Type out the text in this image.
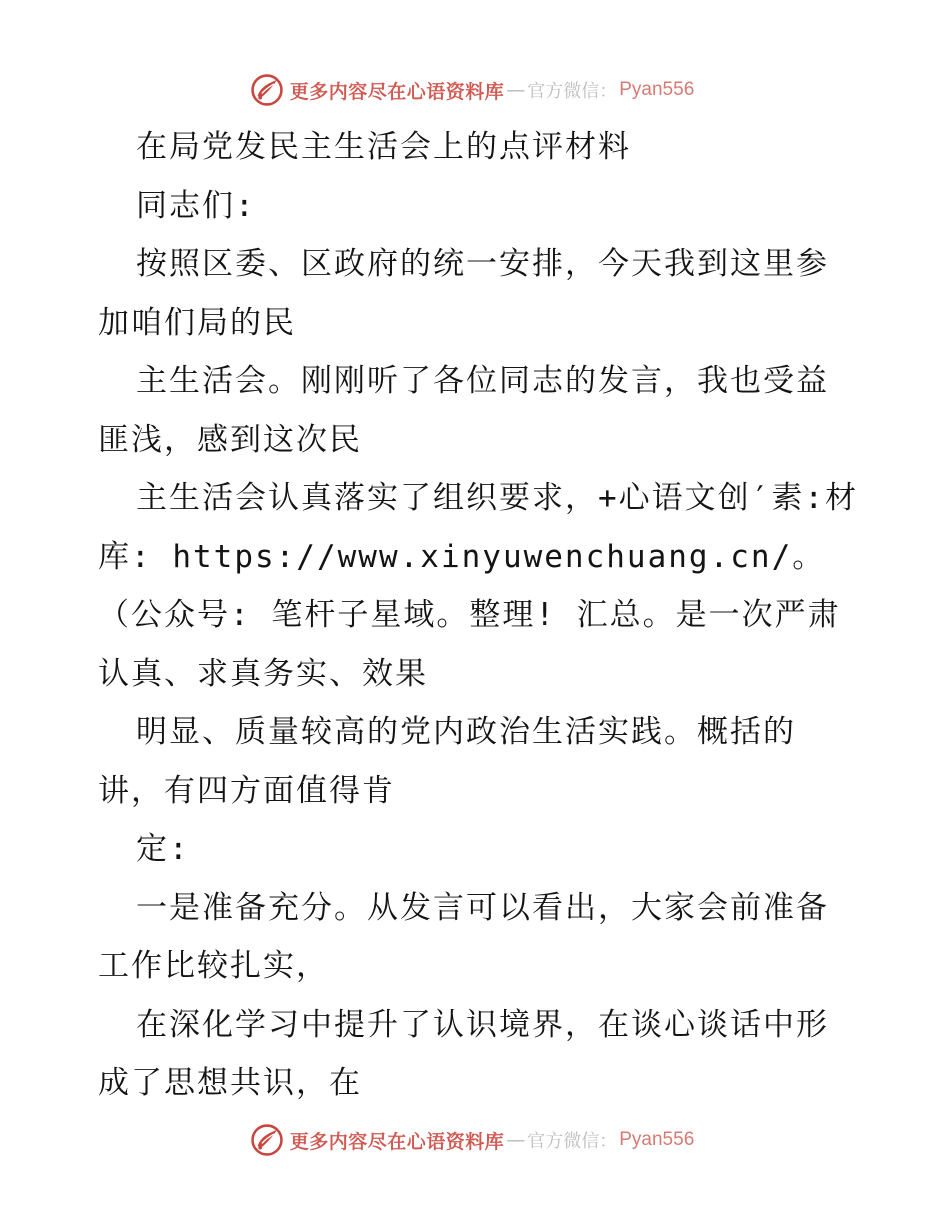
更多内容尽在心语资料库 — 官方微信： Pyan556

在局党发民主生活会上的点评材料

同志们:

按照区委、区政府的统一安排，今天我到这里参加咱们局的民

主生活会。刚刚听了各位同志的发言，我也受益匪浅，感到这次民

主生活会认真落实了组织要求，+心语文创′素:材库: https://www.xinyuwenchuang.cn/。（公众号: 笔杆子星域。整理! 汇总。是一次严肃认真、求真务实、效果

明显、质量较高的党内政治生活实践。概括的讲，有四方面值得肯

定:

一是准备充分。从发言可以看出，大家会前准备工作比较扎实，

在深化学习中提升了认识境界，在谈心谈话中形成了思想共识，在

更多内容尽在心语资料库 — 官方微信： Pyan556
